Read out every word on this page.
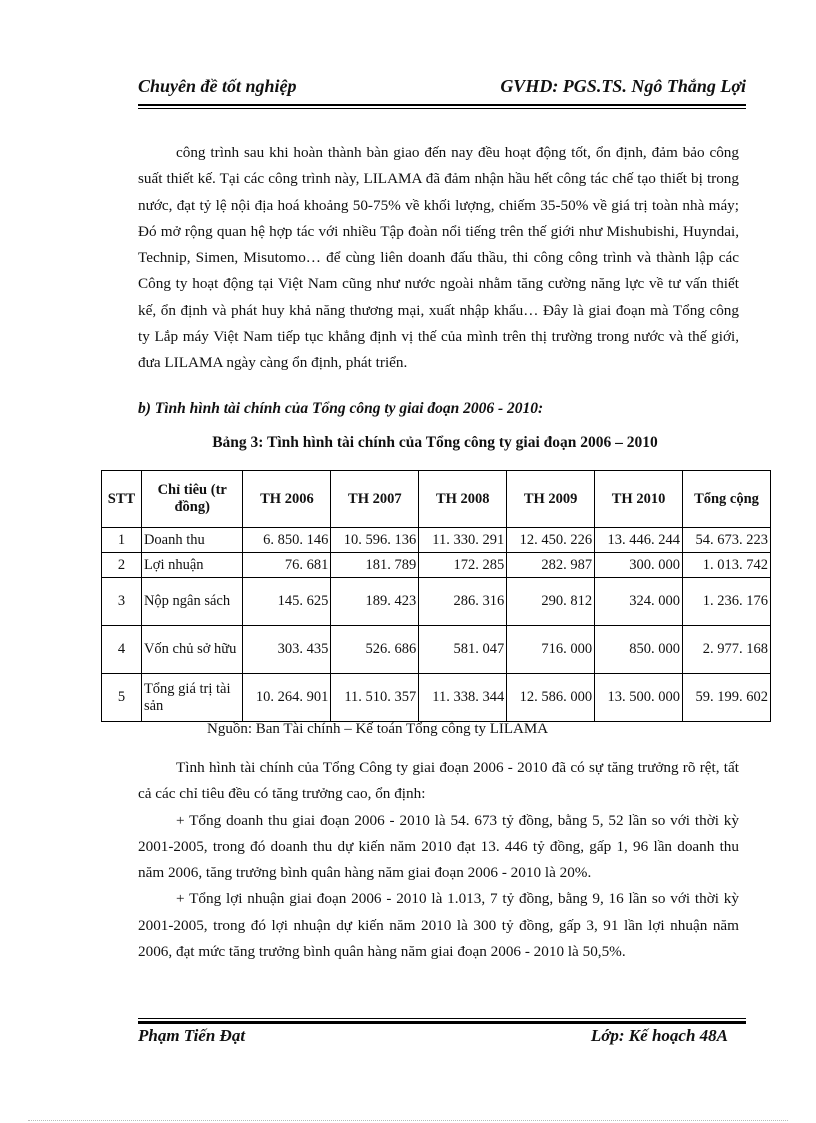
Chuyên đề tốt nghiệp	GVHD: PGS.TS. Ngô Thắng Lợi

công trình sau khi hoàn thành bàn giao đến nay đều hoạt động tốt, ổn định, đảm bảo công suất thiết kế. Tại các công trình này, LILAMA đã đảm nhận hầu hết công tác chế tạo thiết bị trong nước, đạt tỷ lệ nội địa hoá khoảng 50-75% về khối lượng, chiếm 35-50% về giá trị toàn nhà máy; Đó mở rộng quan hệ hợp tác với nhiều Tập đoàn nổi tiếng trên thế giới như Mishubishi, Huyndai, Technip, Simen, Misutomo… để cùng liên doanh đấu thầu, thi công công trình và thành lập các Công ty hoạt động tại Việt Nam cũng như nước ngoài nhằm tăng cường năng lực về tư vấn thiết kế, ổn định và phát huy khả năng thương mại, xuất nhập khẩu… Đây là giai đoạn mà Tổng công ty Lắp máy Việt Nam tiếp tục khẳng định vị thế của mình trên thị trường trong nước và thế giới, đưa LILAMA ngày càng ổn định, phát triển.

b) Tình hình tài chính của Tổng công ty giai đoạn 2006 - 2010:
Bảng 3: Tình hình tài chính của Tổng công ty giai đoạn 2006 – 2010
STT	Chỉ tiêu (tr đồng)	TH 2006	TH 2007	TH 2008	TH 2009	TH 2010	Tổng cộng
1	Doanh thu	6. 850. 146	10. 596. 136	11. 330. 291	12. 450. 226	13. 446. 244	54. 673. 223
2	Lợi nhuận	76. 681	181. 789	172. 285	282. 987	300. 000	1. 013. 742
3	Nộp ngân sách	145. 625	189. 423	286. 316	290. 812	324. 000	1. 236. 176
4	Vốn chủ sở hữu	303. 435	526. 686	581. 047	716. 000	850. 000	2. 977. 168
5	Tổng giá trị tài sản	10. 264. 901	11. 510. 357	11. 338. 344	12. 586. 000	13. 500. 000	59. 199. 602
Nguồn: Ban Tài chính – Kế toán Tổng công ty LILAMA

Tình hình tài chính của Tổng Công ty giai đoạn 2006 - 2010 đã có sự tăng trưởng rõ rệt, tất cả các chỉ tiêu đều có tăng trưởng cao, ổn định:

+ Tổng doanh thu giai đoạn 2006 - 2010 là 54. 673 tỷ đồng, bằng 5, 52 lần so với thời kỳ 2001-2005, trong đó doanh thu dự kiến năm 2010 đạt 13. 446 tỷ đồng, gấp 1, 96 lần doanh thu năm 2006, tăng trưởng bình quân hàng năm giai đoạn 2006 - 2010 là 20%.

+ Tổng lợi nhuận giai đoạn 2006 - 2010 là 1.013, 7 tỷ đồng, bằng 9, 16 lần so với thời kỳ 2001-2005, trong đó lợi nhuận dự kiến năm 2010 là 300 tỷ đồng, gấp 3, 91 lần lợi nhuận năm 2006, đạt mức tăng trưởng bình quân hàng năm giai đoạn 2006 - 2010 là 50,5%.

Phạm Tiến Đạt	Lớp: Kế hoạch 48A
